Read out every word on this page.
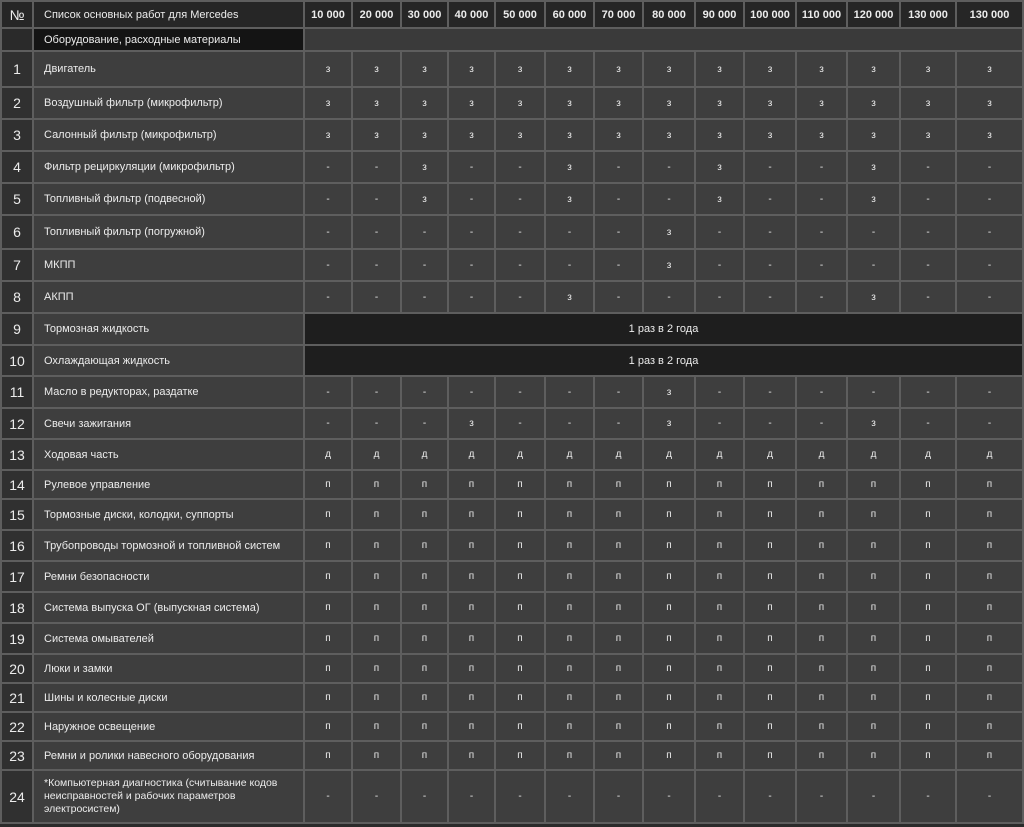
№	Список основных работ для Mercedes	10 000	20 000	30 000	40 000	50 000	60 000	70 000	80 000	90 000	100 000	110 000	120 000	130 000	130 000
	Оборудование, расходные материалы														
1	Двигатель	з	з	з	з	з	з	з	з	з	з	з	з	з	з
2	Воздушный фильтр (микрофильтр)	з	з	з	з	з	з	з	з	з	з	з	з	з	з
3	Салонный фильтр (микрофильтр)	з	з	з	з	з	з	з	з	з	з	з	з	з	з
4	Фильтр рециркуляции (микрофильтр)	-	-	з	-	-	з	-	-	з	-	-	з	-	-
5	Топливный фильтр (подвесной)	-	-	з	-	-	з	-	-	з	-	-	з	-	-
6	Топливный фильтр (погружной)	-	-	-	-	-	-	-	з	-	-	-	-	-	-
7	МКПП	-	-	-	-	-	-	-	з	-	-	-	-	-	-
8	АКПП	-	-	-	-	-	з	-	-	-	-	-	з	-	-
9	Тормозная жидкость	1 раз в 2 года													
10	Охлаждающая жидкость	1 раз в 2 года													
11	Масло в редукторах, раздатке	-	-	-	-	-	-	-	з	-	-	-	-	-	-
12	Свечи зажигания	-	-	-	з	-	-	-	з	-	-	-	з	-	-
13	Ходовая часть	д	д	д	д	д	д	д	д	д	д	д	д	д	д
14	Рулевое управление	п	п	п	п	п	п	п	п	п	п	п	п	п	п
15	Тормозные диски, колодки, суппорты	п	п	п	п	п	п	п	п	п	п	п	п	п	п
16	Трубопроводы тормозной и топливной систем	п	п	п	п	п	п	п	п	п	п	п	п	п	п
17	Ремни безопасности	п	п	п	п	п	п	п	п	п	п	п	п	п	п
18	Система выпуска ОГ (выпускная система)	п	п	п	п	п	п	п	п	п	п	п	п	п	п
19	Система омывателей	п	п	п	п	п	п	п	п	п	п	п	п	п	п
20	Люки и замки	п	п	п	п	п	п	п	п	п	п	п	п	п	п
21	Шины и колесные диски	п	п	п	п	п	п	п	п	п	п	п	п	п	п
22	Наружное освещение	п	п	п	п	п	п	п	п	п	п	п	п	п	п
23	Ремни и ролики навесного оборудования	п	п	п	п	п	п	п	п	п	п	п	п	п	п
24	*Компьютерная диагностика (считывание кодов неисправностей и рабочих параметров электросистем)	-	-	-	-	-	-	-	-	-	-	-	-	-	-
